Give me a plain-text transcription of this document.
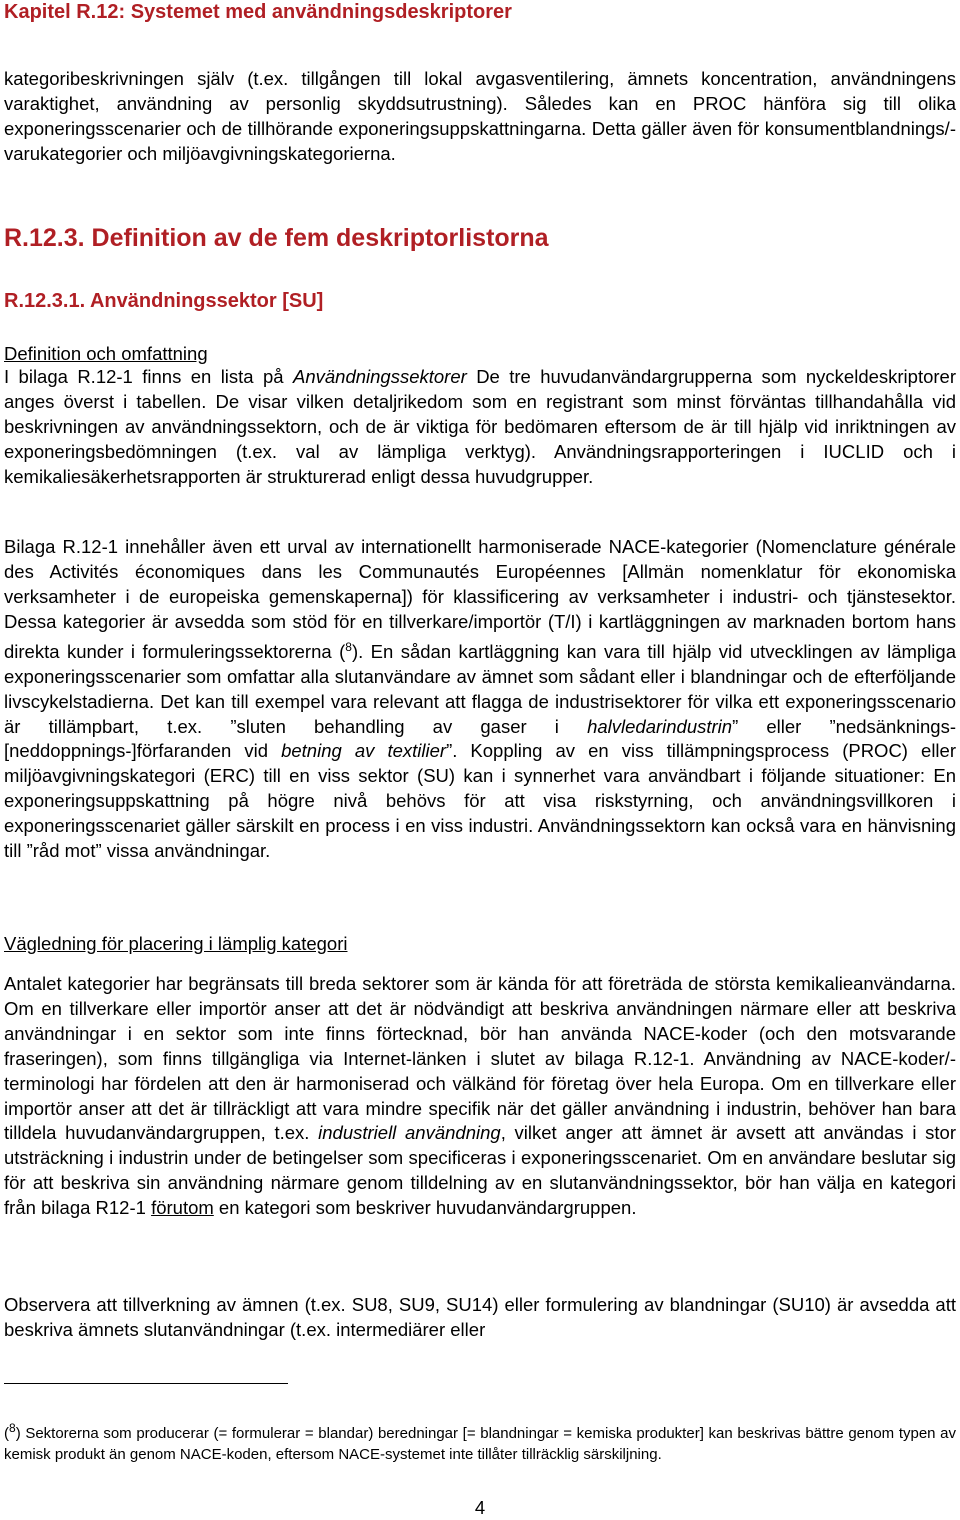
Kapitel R.12: Systemet med användningsdeskriptorer

kategoribeskrivningen själv (t.ex. tillgången till lokal avgasventilering, ämnets koncentration, användningens varaktighet, användning av personlig skyddsutrustning). Således kan en PROC hänföra sig till olika exponeringsscenarier och de tillhörande exponeringsuppskattningarna. Detta gäller även för konsumentblandnings/-varukategorier och miljöavgivningskategorierna.

R.12.3. Definition av de fem deskriptorlistorna
R.12.3.1. Användningssektor [SU]
Definition och omfattning

I bilaga R.12-1 finns en lista på Användningssektorer De tre huvudanvändargrupperna som nyckeldeskriptorer anges överst i tabellen. De visar vilken detaljrikedom som en registrant som minst förväntas tillhandahålla vid beskrivningen av användningssektorn, och de är viktiga för bedömaren eftersom de är till hjälp vid inriktningen av exponeringsbedömningen (t.ex. val av lämpliga verktyg). Användningsrapporteringen i IUCLID och i kemikaliesäkerhetsrapporten är strukturerad enligt dessa huvudgrupper.

Bilaga R.12-1 innehåller även ett urval av internationellt harmoniserade NACE-kategorier (Nomenclature générale des Activités économiques dans les Communautés Européennes [Allmän nomenklatur för ekonomiska verksamheter i de europeiska gemenskaperna]) för klassificering av verksamheter i industri- och tjänstesektor. Dessa kategorier är avsedda som stöd för en tillverkare/importör (T/I) i kartläggningen av marknaden bortom hans direkta kunder i formuleringssektorerna ($^8$). En sådan kartläggning kan vara till hjälp vid utvecklingen av lämpliga exponeringsscenarier som omfattar alla slutanvändare av ämnet som sådant eller i blandningar och de efterföljande livscykelstadierna. Det kan till exempel vara relevant att flagga de industrisektorer för vilka ett exponeringsscenario är tillämpbart, t.ex. ”sluten behandling av gaser i halvledarindustrin” eller ”nedsänknings- [neddoppnings-]förfaranden vid betning av textilier”. Koppling av en viss tillämpningsprocess (PROC) eller miljöavgivningskategori (ERC) till en viss sektor (SU) kan i synnerhet vara användbart i följande situationer: En exponeringsuppskattning på högre nivå behövs för att visa riskstyrning, och användningsvillkoren i exponeringsscenariet gäller särskilt en process i en viss industri. Användningssektorn kan också vara en hänvisning till ”råd mot” vissa användningar.

Vägledning för placering i lämplig kategori

Antalet kategorier har begränsats till breda sektorer som är kända för att företräda de största kemikalieanvändarna. Om en tillverkare eller importör anser att det är nödvändigt att beskriva användningen närmare eller att beskriva användningar i en sektor som inte finns förtecknad, bör han använda NACE-koder (och den motsvarande fraseringen), som finns tillgängliga via Internet-länken i slutet av bilaga R.12-1. Användning av NACE-koder/-terminologi har fördelen att den är harmoniserad och välkänd för företag över hela Europa. Om en tillverkare eller importör anser att det är tillräckligt att vara mindre specifik när det gäller användning i industrin, behöver han bara tilldela huvudanvändargruppen, t.ex. industriell användning, vilket anger att ämnet är avsett att användas i stor utsträckning i industrin under de betingelser som specificeras i exponeringsscenariet. Om en användare beslutar sig för att beskriva sin användning närmare genom tilldelning av en slutanvändningssektor, bör han välja en kategori från bilaga R12-1 förutom en kategori som beskriver huvudanvändargruppen.

Observera att tillverkning av ämnen (t.ex. SU8, SU9, SU14) eller formulering av blandningar (SU10) är avsedda att beskriva ämnets slutanvändningar (t.ex. intermediärer eller

($^8$) Sektorerna som producerar (= formulerar = blandar) beredningar [= blandningar = kemiska produkter] kan beskrivas bättre genom typen av kemisk produkt än genom NACE-koden, eftersom NACE-systemet inte tillåter tillräcklig särskiljning.

4
